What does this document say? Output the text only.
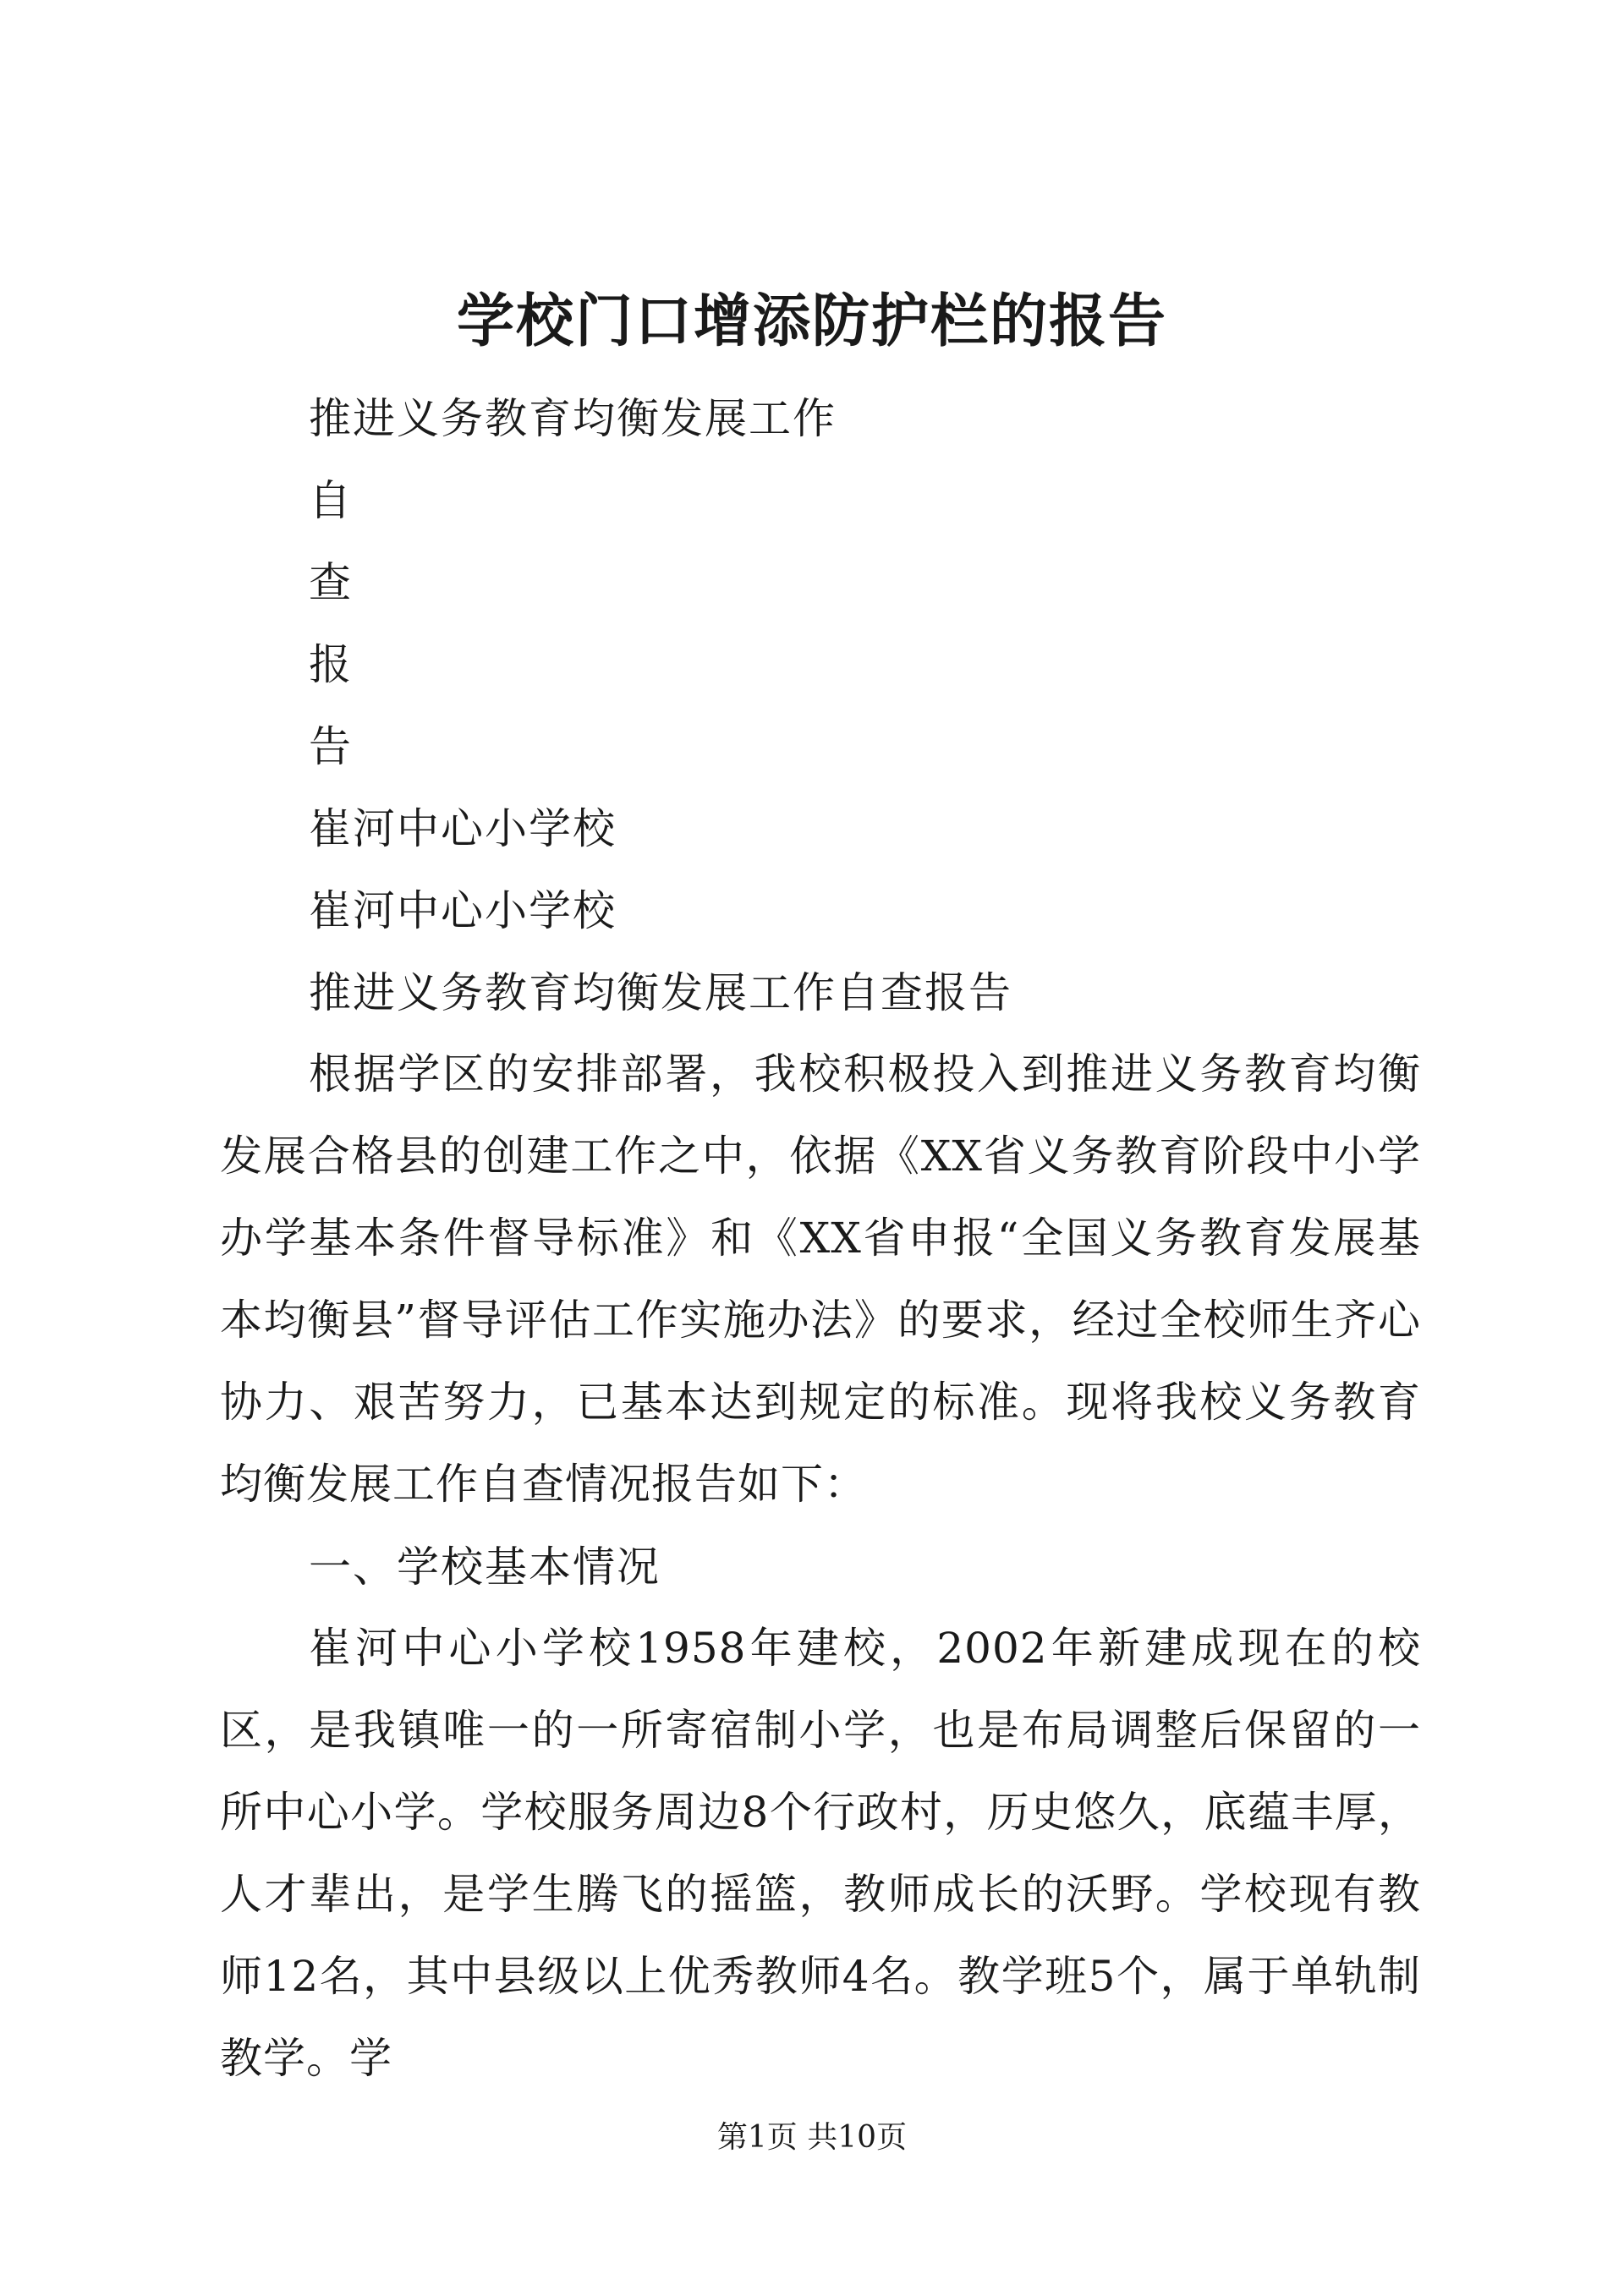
学校门口增添防护栏的报告
推进义务教育均衡发展工作
自
查
报
告
崔河中心小学校
崔河中心小学校
推进义务教育均衡发展工作自查报告

根据学区的安排部署，我校积极投入到推进义务教育均衡发展合格县的创建工作之中，依据《XX省义务教育阶段中小学办学基本条件督导标准》和《XX省申报“全国义务教育发展基本均衡县”督导评估工作实施办法》的要求，经过全校师生齐心协力、艰苦努力，已基本达到规定的标准。现将我校义务教育均衡发展工作自查情况报告如下：

一、学校基本情况

崔河中心小学校1958年建校，2002年新建成现在的校区，是我镇唯一的一所寄宿制小学，也是布局调整后保留的一所中心小学。学校服务周边8个行政村，历史悠久，底蕴丰厚，人才辈出，是学生腾飞的摇篮，教师成长的沃野。学校现有教师12名，其中县级以上优秀教师4名。教学班5个，属于单轨制教学。学

第1页 共10页
